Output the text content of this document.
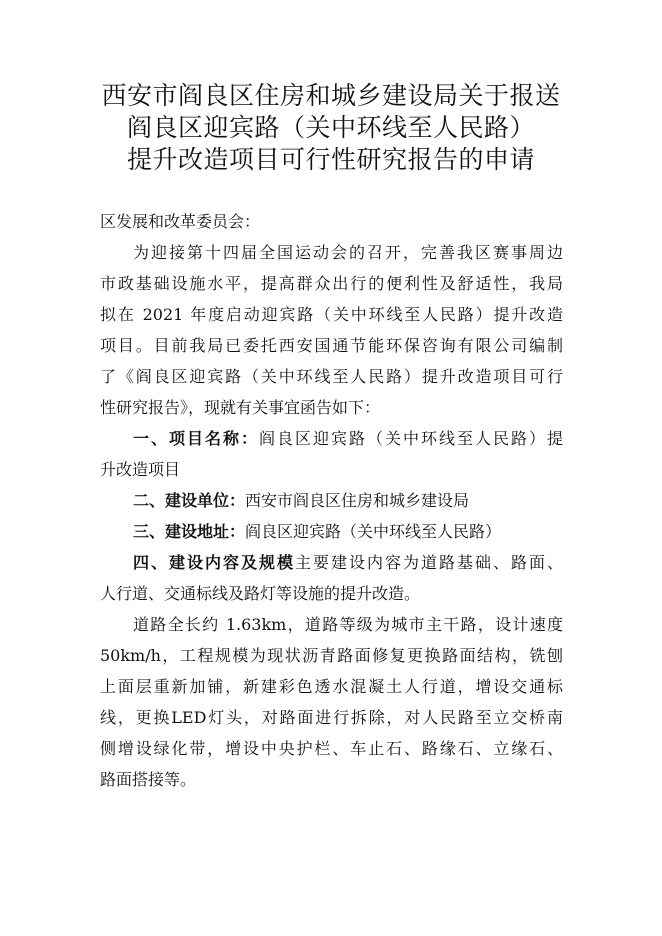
西安市阎良区住房和城乡建设局关于报送
阎良区迎宾路（关中环线至人民路）
提升改造项目可行性研究报告的申请
区发展和改革委员会：
为迎接第十四届全国运动会的召开，完善我区赛事周边
市政基础设施水平，提高群众出行的便利性及舒适性，我局
拟在 2021 年度启动迎宾路（关中环线至人民路）提升改造
项目。目前我局已委托西安国通节能环保咨询有限公司编制
了《阎良区迎宾路（关中环线至人民路）提升改造项目可行
性研究报告》，现就有关事宜函告如下：
一、项目名称：阎良区迎宾路（关中环线至人民路）提
升改造项目
二、建设单位：西安市阎良区住房和城乡建设局
三、建设地址：阎良区迎宾路（关中环线至人民路）
四、建设内容及规模主要建设内容为道路基础、路面、
人行道、交通标线及路灯等设施的提升改造。
道路全长约 1.63km，道路等级为城市主干路，设计速度
50km/h，工程规模为现状沥青路面修复更换路面结构，铣刨
上面层重新加铺，新建彩色透水混凝土人行道，增设交通标
线，更换LED灯头，对路面进行拆除，对人民路至立交桥南
侧增设绿化带，增设中央护栏、车止石、路缘石、立缘石、
路面搭接等。
